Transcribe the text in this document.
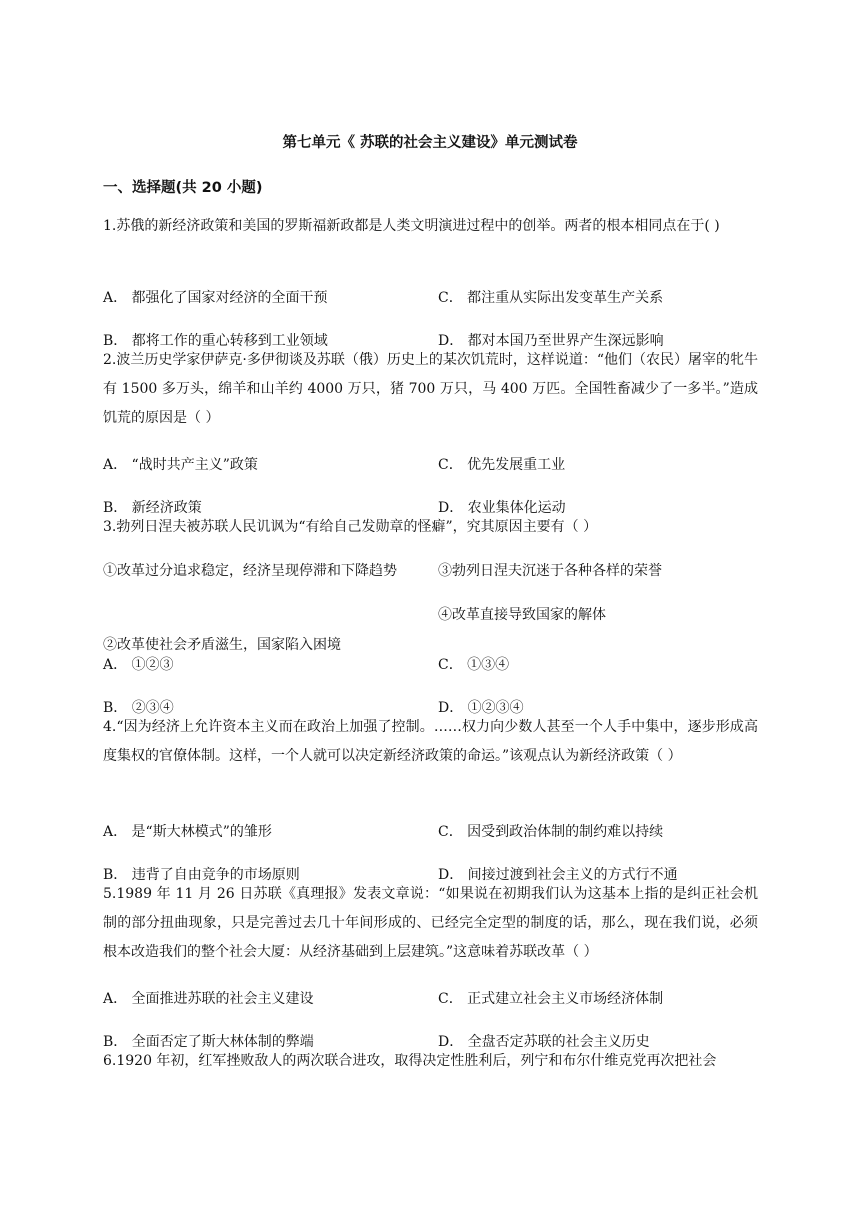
第七单元《 苏联的社会主义建设》单元测试卷
一、选择题(共 20 小题)
1.苏俄的新经济政策和美国的罗斯福新政都是人类文明演进过程中的创举。两者的根本相同点在于( )
A． 都强化了国家对经济的全面干预	C． 都注重从实际出发变革生产关系
B． 都将工作的重心转移到工业领域	D． 都对本国乃至世界产生深远影响
2.波兰历史学家伊萨克·多伊彻谈及苏联（俄）历史上的某次饥荒时，这样说道：“他们（农民）屠宰的牝牛有 1500 多万头，绵羊和山羊约 4000 万只，猪 700 万只，马 400 万匹。全国牲畜减少了一多半。”造成饥荒的原因是（ ）
A． “战时共产主义”政策	C． 优先发展重工业
B． 新经济政策	D． 农业集体化运动
3.勃列日涅夫被苏联人民讥讽为“有给自己发勋章的怪癖”，究其原因主要有（ ）
①改革过分追求稳定，经济呈现停滞和下降趋势	③勃列日涅夫沉迷于各种各样的荣誉
④改革直接导致国家的解体
②改革使社会矛盾滋生，国家陷入困境
A． ①②③	C． ①③④
B． ②③④	D． ①②③④
4.“因为经济上允许资本主义而在政治上加强了控制。……权力向少数人甚至一个人手中集中，逐步形成高度集权的官僚体制。这样，一个人就可以决定新经济政策的命运。”该观点认为新经济政策（ ）
A． 是“斯大林模式”的雏形	C． 因受到政治体制的制约难以持续
B． 违背了自由竞争的市场原则	D． 间接过渡到社会主义的方式行不通
5.1989 年 11 月 26 日苏联《真理报》发表文章说：“如果说在初期我们认为这基本上指的是纠正社会机制的部分扭曲现象，只是完善过去几十年间形成的、已经完全定型的制度的话，那么，现在我们说，必须根本改造我们的整个社会大厦：从经济基础到上层建筑。”这意味着苏联改革（ ）
A． 全面推进苏联的社会主义建设	C． 正式建立社会主义市场经济体制
B． 全面否定了斯大林体制的弊端	D． 全盘否定苏联的社会主义历史
6.1920 年初，红军挫败敌人的两次联合进攻，取得决定性胜利后，列宁和布尔什维克党再次把社会
